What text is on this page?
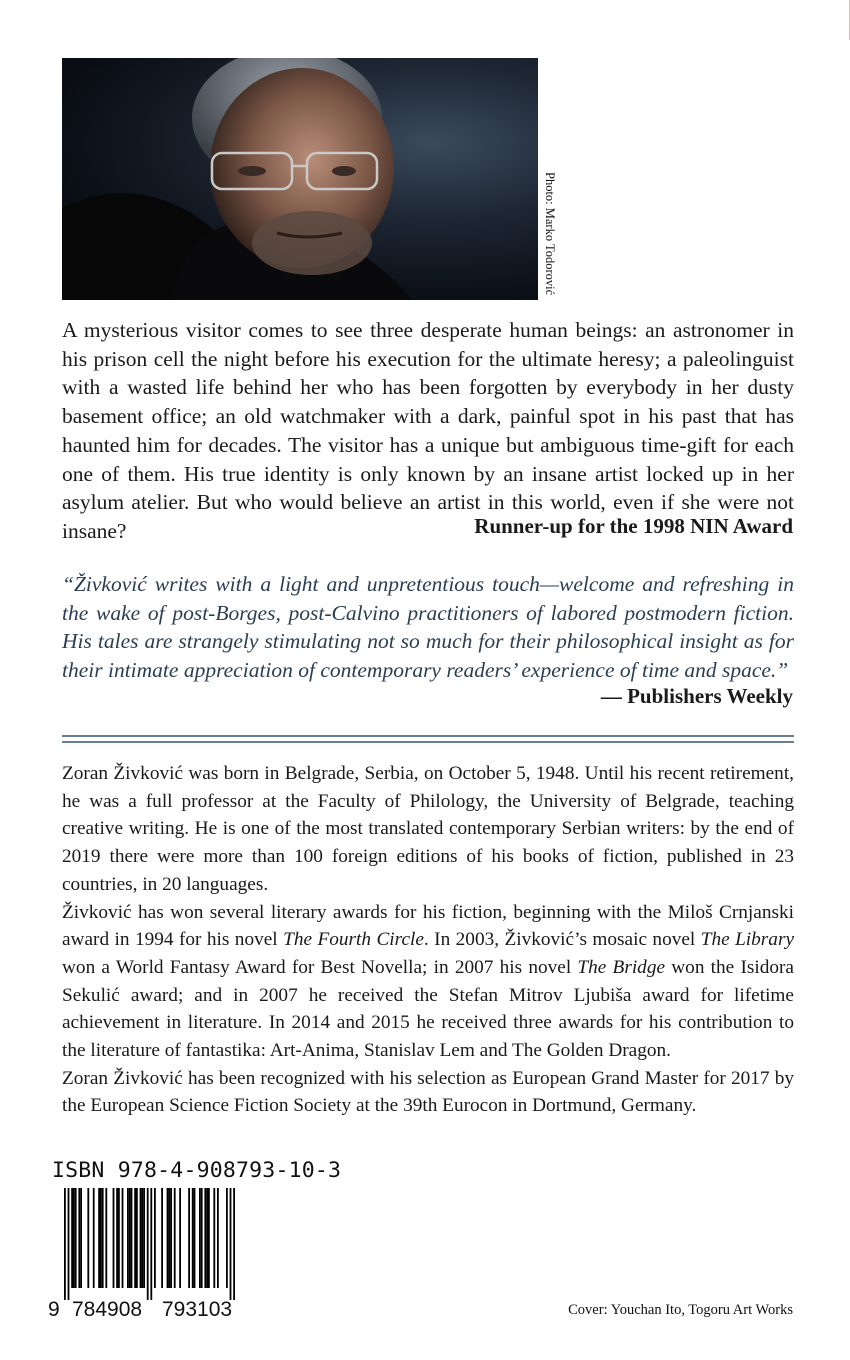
Photo: Marko Todorović

A mysterious visitor comes to see three desperate human beings: an astronomer in his prison cell the night before his execution for the ultimate heresy; a paleolinguist with a wasted life behind her who has been forgotten by everybody in her dusty basement office; an old watchmaker with a dark, painful spot in his past that has haunted him for decades. The visitor has a unique but ambiguous time-gift for each one of them. His true identity is only known by an insane artist locked up in her asylum atelier. But who would believe an artist in this world, even if she were not insane?	Runner-up for the 1998 NIN Award

“Živković writes with a light and unpretentious touch—welcome and refreshing in the wake of post-Borges, post-Calvino practitioners of labored postmodern fiction. His tales are strangely stimulating not so much for their philosophical insight as for their intimate appreciation of contemporary readers’ experience of time and space.”

— Publishers Weekly

Zoran Živković was born in Belgrade, Serbia, on October 5, 1948. Until his recent retirement, he was a full professor at the Faculty of Philology, the University of Belgrade, teaching creative writing. He is one of the most translated contemporary Serbian writers: by the end of 2019 there were more than 100 foreign editions of his books of fiction, published in 23 countries, in 20 languages.

Živković has won several literary awards for his fiction, beginning with the Miloš Crnjanski award in 1994 for his novel The Fourth Circle. In 2003, Živković’s mosaic novel The Library won a World Fantasy Award for Best Novella; in 2007 his novel The Bridge won the Isidora Sekulić award; and in 2007 he received the Stefan Mitrov Ljubiša award for lifetime achievement in literature. In 2014 and 2015 he received three awards for his contribution to the literature of fantastika: Art-Anima, Stanislav Lem and The Golden Dragon.

Zoran Živković has been recognized with his selection as European Grand Master for 2017 by the European Science Fiction Society at the 39th Eurocon in Dortmund, Germany.

ISBN 978-4-908793-10-3
9 784908 793103	Cover: Youchan Ito, Togoru Art Works
